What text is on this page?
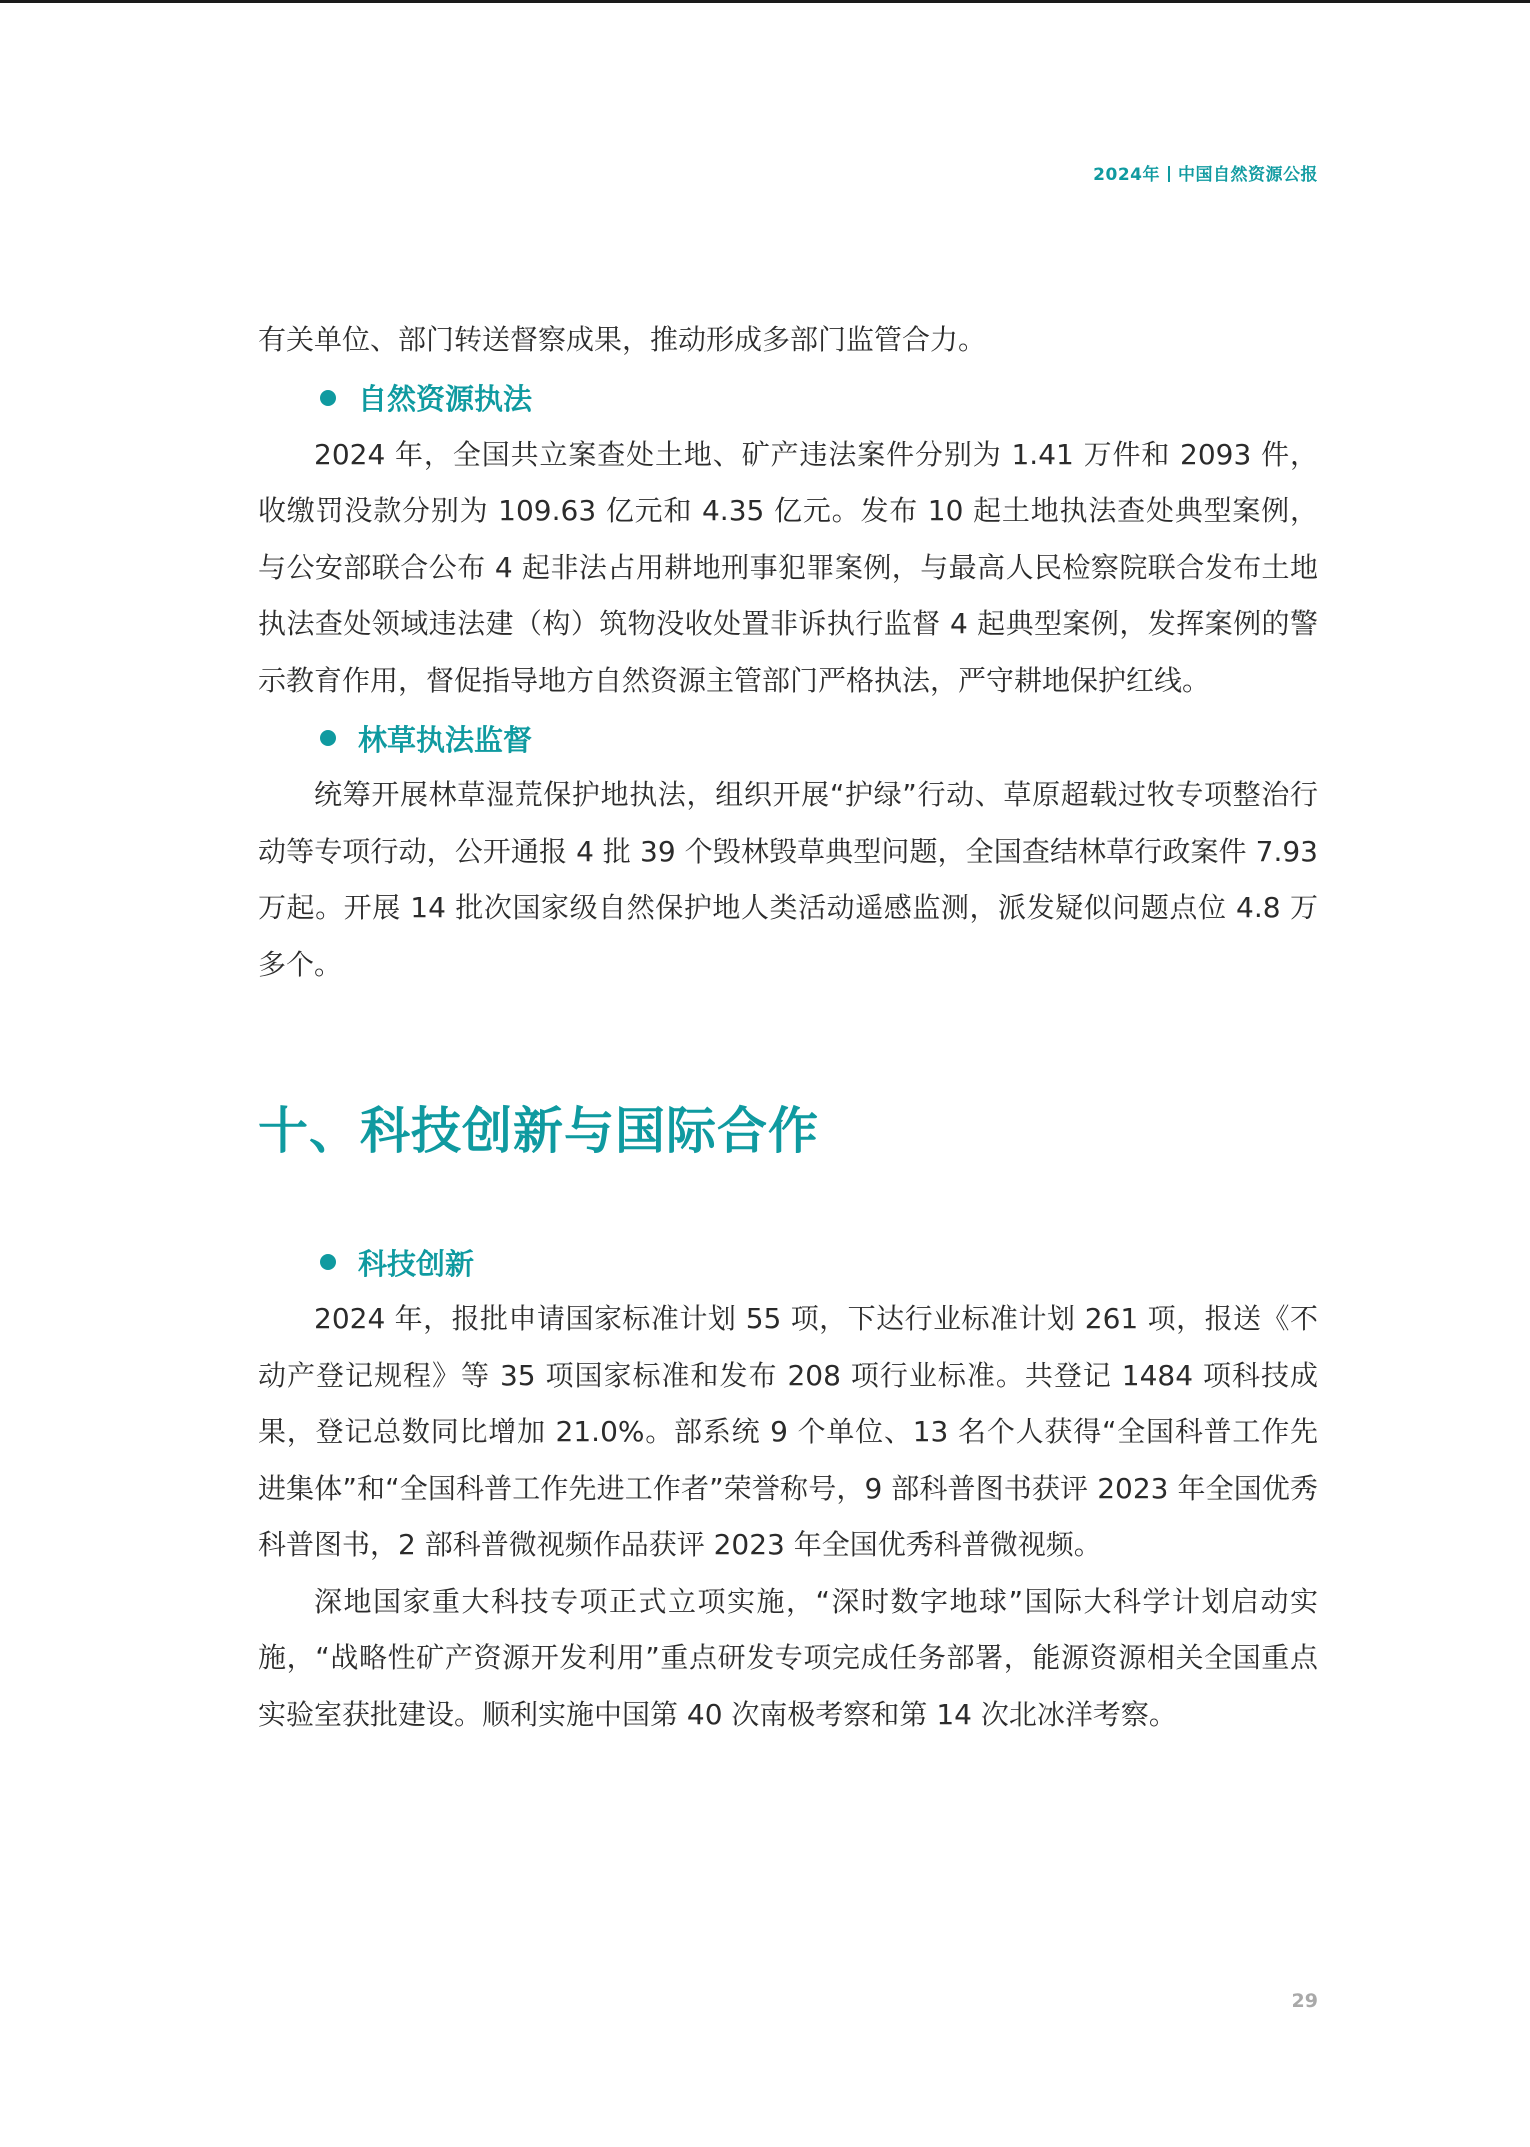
2024年 中国自然资源公报

有关单位、部门转送督察成果，推动形成多部门监管合力。

自然资源执法

2024 年，全国共立案查处土地、矿产违法案件分别为 1.41 万件和 2093 件，收缴罚没款分别为 109.63 亿元和 4.35 亿元。发布 10 起土地执法查处典型案例，与公安部联合公布 4 起非法占用耕地刑事犯罪案例，与最高人民检察院联合发布土地执法查处领域违法建（构）筑物没收处置非诉执行监督 4 起典型案例，发挥案例的警示教育作用，督促指导地方自然资源主管部门严格执法，严守耕地保护红线。

林草执法监督

统筹开展林草湿荒保护地执法，组织开展“护绿”行动、草原超载过牧专项整治行动等专项行动，公开通报 4 批 39 个毁林毁草典型问题，全国查结林草行政案件 7.93 万起。开展 14 批次国家级自然保护地人类活动遥感监测，派发疑似问题点位 4.8 万多个。

十、科技创新与国际合作
科技创新

2024 年，报批申请国家标准计划 55 项，下达行业标准计划 261 项，报送《不动产登记规程》等 35 项国家标准和发布 208 项行业标准。共登记 1484 项科技成果，登记总数同比增加 21.0%。部系统 9 个单位、13 名个人获得“全国科普工作先进集体”和“全国科普工作先进工作者”荣誉称号，9 部科普图书获评 2023 年全国优秀科普图书，2 部科普微视频作品获评 2023 年全国优秀科普微视频。

深地国家重大科技专项正式立项实施，“深时数字地球”国际大科学计划启动实施，“战略性矿产资源开发利用”重点研发专项完成任务部署，能源资源相关全国重点实验室获批建设。顺利实施中国第 40 次南极考察和第 14 次北冰洋考察。

29
